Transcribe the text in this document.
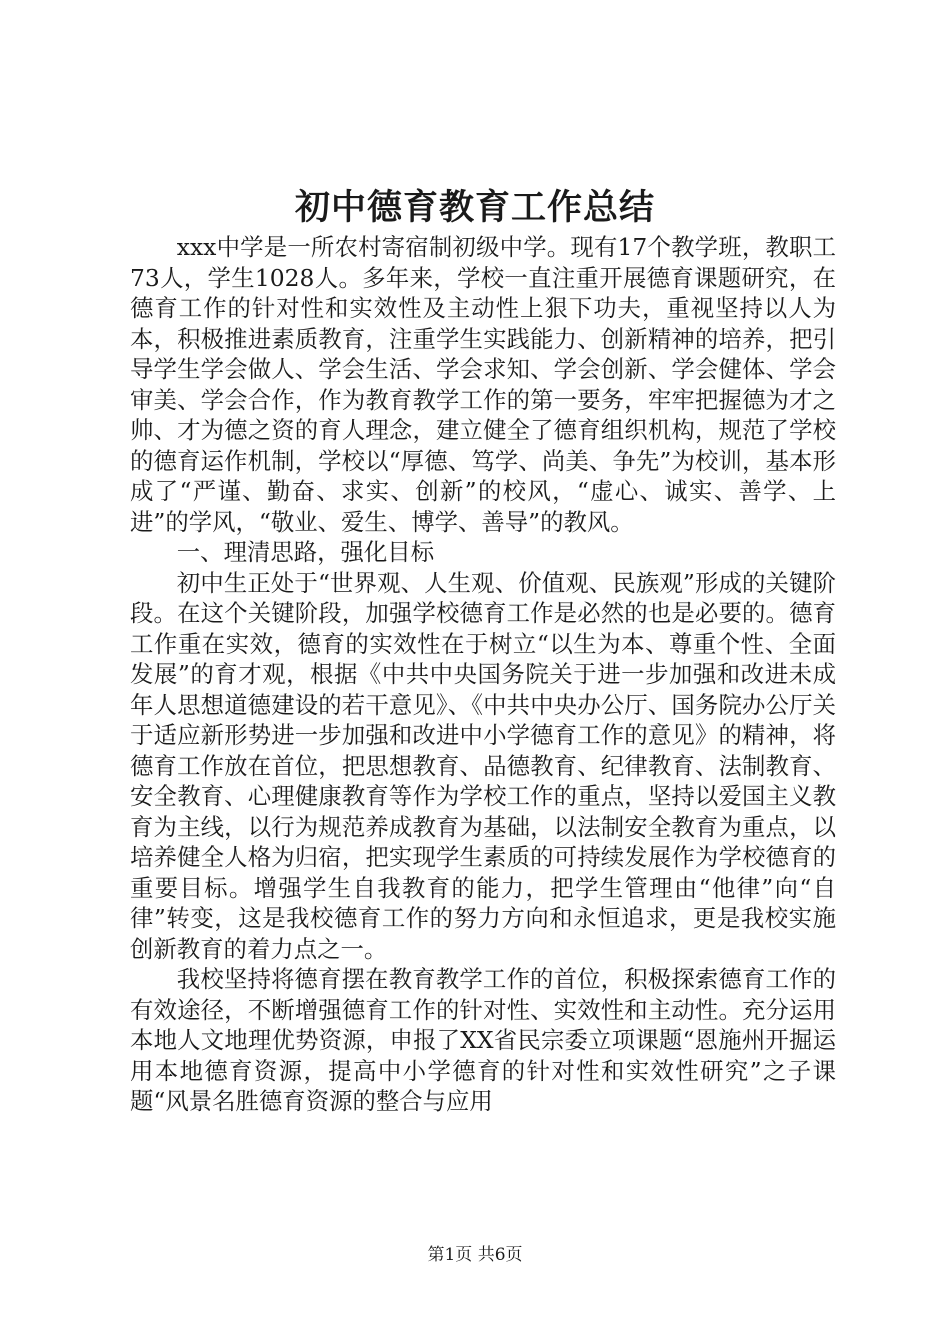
初中德育教育工作总结

xxx中学是一所农村寄宿制初级中学。现有17个教学班，教职工73人，学生1028人。多年来，学校一直注重开展德育课题研究，在德育工作的针对性和实效性及主动性上狠下功夫，重视坚持以人为本，积极推进素质教育，注重学生实践能力、创新精神的培养，把引导学生学会做人、学会生活、学会求知、学会创新、学会健体、学会审美、学会合作，作为教育教学工作的第一要务，牢牢把握德为才之帅、才为德之资的育人理念，建立健全了德育组织机构，规范了学校的德育运作机制，学校以“厚德、笃学、尚美、争先”为校训，基本形成了“严谨、勤奋、求实、创新”的校风，“虚心、诚实、善学、上进”的学风，“敬业、爱生、博学、善导”的教风。

一、理清思路，强化目标

初中生正处于“世界观、人生观、价值观、民族观”形成的关键阶段。在这个关键阶段，加强学校德育工作是必然的也是必要的。德育工作重在实效，德育的实效性在于树立“以生为本、尊重个性、全面发展”的育才观，根据《中共中央国务院关于进一步加强和改进未成年人思想道德建设的若干意见》、《中共中央办公厅、国务院办公厅关于适应新形势进一步加强和改进中小学德育工作的意见》的精神，将德育工作放在首位，把思想教育、品德教育、纪律教育、法制教育、安全教育、心理健康教育等作为学校工作的重点，坚持以爱国主义教育为主线，以行为规范养成教育为基础，以法制安全教育为重点，以培养健全人格为归宿，把实现学生素质的可持续发展作为学校德育的重要目标。增强学生自我教育的能力，把学生管理由“他律”向“自律”转变，这是我校德育工作的努力方向和永恒追求，更是我校实施创新教育的着力点之一。

我校坚持将德育摆在教育教学工作的首位，积极探索德育工作的有效途径，不断增强德育工作的针对性、实效性和主动性。充分运用本地人文地理优势资源，申报了XX省民宗委立项课题“恩施州开掘运用本地德育资源，提高中小学德育的针对性和实效性研究”之子课题“风景名胜德育资源的整合与应用

第1页 共6页
